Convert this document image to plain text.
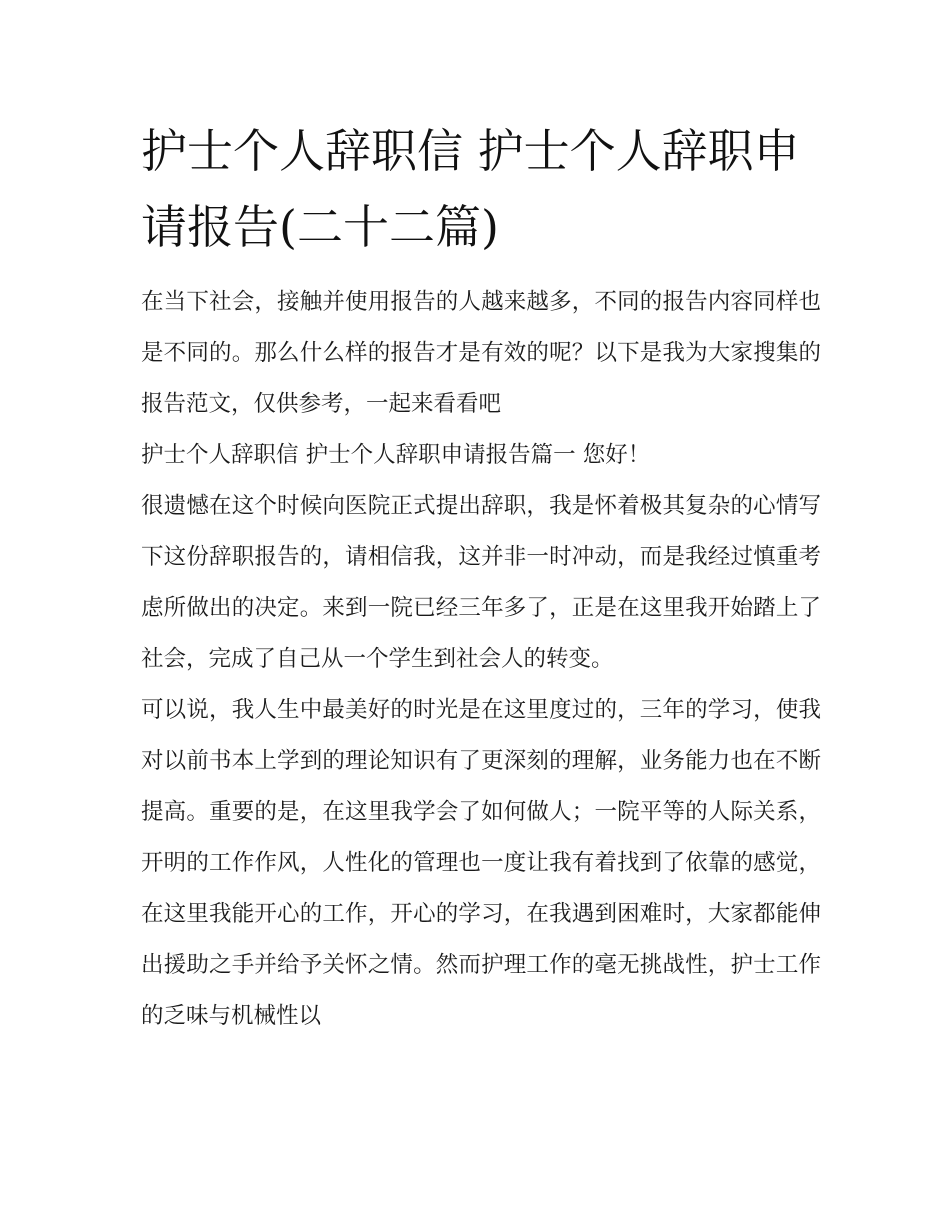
护士个人辞职信 护士个人辞职申请报告(二十二篇)

在当下社会，接触并使用报告的人越来越多，不同的报告内容同样也是不同的。那么什么样的报告才是有效的呢？以下是我为大家搜集的报告范文，仅供参考，一起来看看吧

护士个人辞职信 护士个人辞职申请报告篇一 您好！

很遗憾在这个时候向医院正式提出辞职，我是怀着极其复杂的心情写下这份辞职报告的，请相信我，这并非一时冲动，而是我经过慎重考虑所做出的决定。来到一院已经三年多了，正是在这里我开始踏上了社会，完成了自己从一个学生到社会人的转变。

可以说，我人生中最美好的时光是在这里度过的，三年的学习，使我对以前书本上学到的理论知识有了更深刻的理解，业务能力也在不断提高。重要的是，在这里我学会了如何做人；一院平等的人际关系，开明的工作作风，人性化的管理也一度让我有着找到了依靠的感觉，在这里我能开心的工作，开心的学习，在我遇到困难时，大家都能伸出援助之手并给予关怀之情。然而护理工作的毫无挑战性，护士工作的乏味与机械性以
